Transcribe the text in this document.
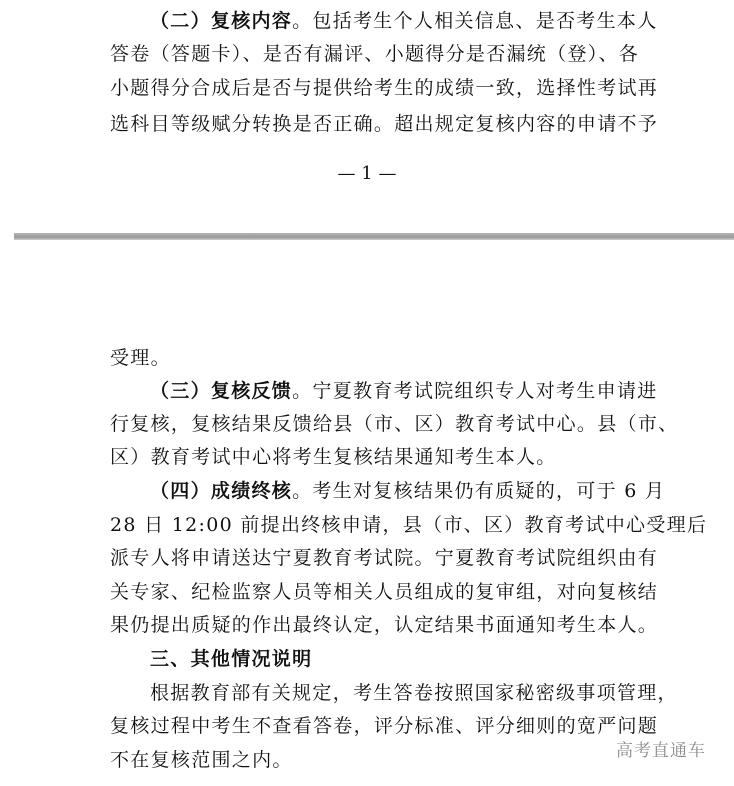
（二）复核内容。包括考生个人相关信息、是否考生本人
答卷（答题卡）、是否有漏评、小题得分是否漏统（登）、各
小题得分合成后是否与提供给考生的成绩一致，选择性考试再
选科目等级赋分转换是否正确。超出规定复核内容的申请不予
— 1 —
受理。
（三）复核反馈。宁夏教育考试院组织专人对考生申请进
行复核，复核结果反馈给县（市、区）教育考试中心。县（市、
区）教育考试中心将考生复核结果通知考生本人。
（四）成绩终核。考生对复核结果仍有质疑的，可于 6 月
28 日 12:00 前提出终核申请，县（市、区）教育考试中心受理后
派专人将申请送达宁夏教育考试院。宁夏教育考试院组织由有
关专家、纪检监察人员等相关人员组成的复审组，对向复核结
果仍提出质疑的作出最终认定，认定结果书面通知考生本人。
三、其他情况说明
根据教育部有关规定，考生答卷按照国家秘密级事项管理，
复核过程中考生不查看答卷，评分标准、评分细则的宽严问题
不在复核范围之内。	高考直通车
